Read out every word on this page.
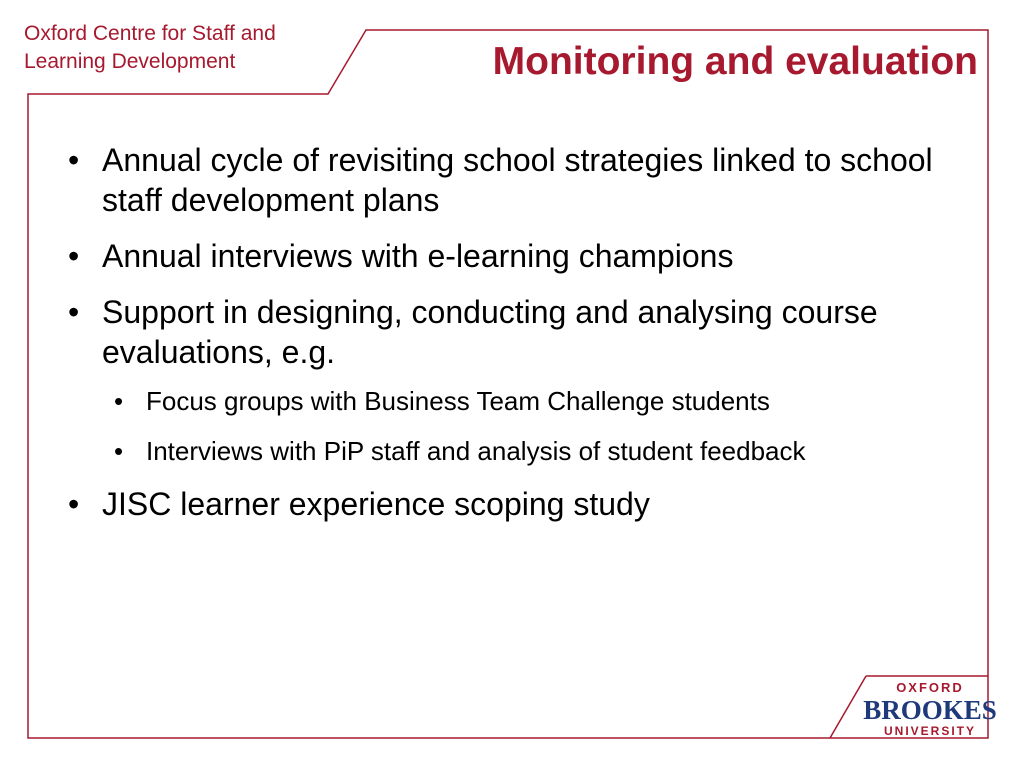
Oxford Centre for Staff and
Learning Development	Monitoring and evaluation
• Annual cycle of revisiting school strategies linked to school staff development plans
• Annual interviews with e-learning champions
• Support in designing, conducting and analysing course evaluations, e.g.
• Focus groups with Business Team Challenge students
• Interviews with PiP staff and analysis of student feedback
• JISC learner experience scoping study
OXFORD
BROOKES
UNIVERSITY
